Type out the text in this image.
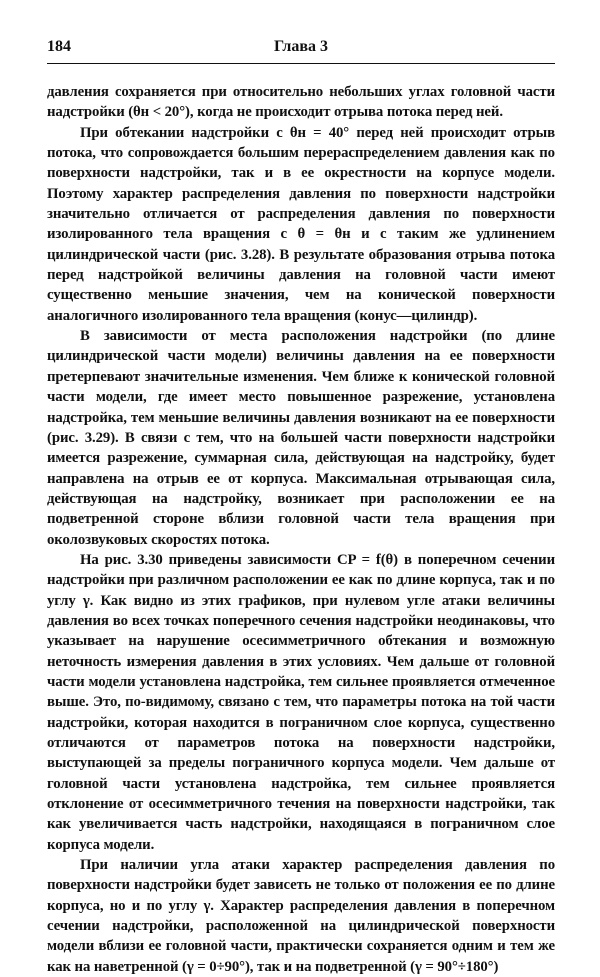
184	Глава 3

давления сохраняется при относительно небольших углах головной части надстройки (θн < 20°), когда не происходит отрыва потока перед ней.

При обтекании надстройки с θн = 40° перед ней происходит отрыв потока, что сопровождается большим перераспределением давления как по поверхности надстройки, так и в ее окрестности на корпусе модели. Поэтому характер распределения давления по поверхности надстройки значительно отличается от распределения давления по поверхности изолированного тела вращения с θ = θн и с таким же удлинением цилиндрической части (рис. 3.28). В результате образования отрыва потока перед надстройкой величины давления на головной части имеют существенно меньшие значения, чем на конической поверхности аналогичного изолированного тела вращения (конус—цилиндр).

В зависимости от места расположения надстройки (по длине цилиндрической части модели) величины давления на ее поверхности претерпевают значительные изменения. Чем ближе к конической головной части модели, где имеет место повышенное разрежение, установлена надстройка, тем меньшие величины давления возникают на ее поверхности (рис. 3.29). В связи с тем, что на большей части поверхности надстройки имеется разрежение, суммарная сила, действующая на надстройку, будет направлена на отрыв ее от корпуса. Максимальная отрывающая сила, действующая на надстройку, возникает при расположении ее на подветренной стороне вблизи головной части тела вращения при околозвуковых скоростях потока.

На рис. 3.30 приведены зависимости CP = f(θ) в поперечном сечении надстройки при различном расположении ее как по длине корпуса, так и по углу γ. Как видно из этих графиков, при нулевом угле атаки величины давления во всех точках поперечного сечения надстройки неодинаковы, что указывает на нарушение осесимметричного обтекания и возможную неточность измерения давления в этих условиях. Чем дальше от головной части модели установлена надстройка, тем сильнее проявляется отмеченное выше. Это, по-видимому, связано с тем, что параметры потока на той части надстройки, которая находится в пограничном слое корпуса, существенно отличаются от параметров потока на поверхности надстройки, выступающей за пределы пограничного корпуса модели. Чем дальше от головной части установлена надстройка, тем сильнее проявляется отклонение от осесимметричного течения на поверхности надстройки, так как увеличивается часть надстройки, находящаяся в пограничном слое корпуса модели.

При наличии угла атаки характер распределения давления по поверхности надстройки будет зависеть не только от положения ее по длине корпуса, но и по углу γ. Характер распределения давления в поперечном сечении надстройки, расположенной на цилиндрической поверхности модели вблизи ее головной части, практически сохраняется одним и тем же как на наветренной (γ = 0÷90°), так и на подветренной (γ = 90°÷180°)
